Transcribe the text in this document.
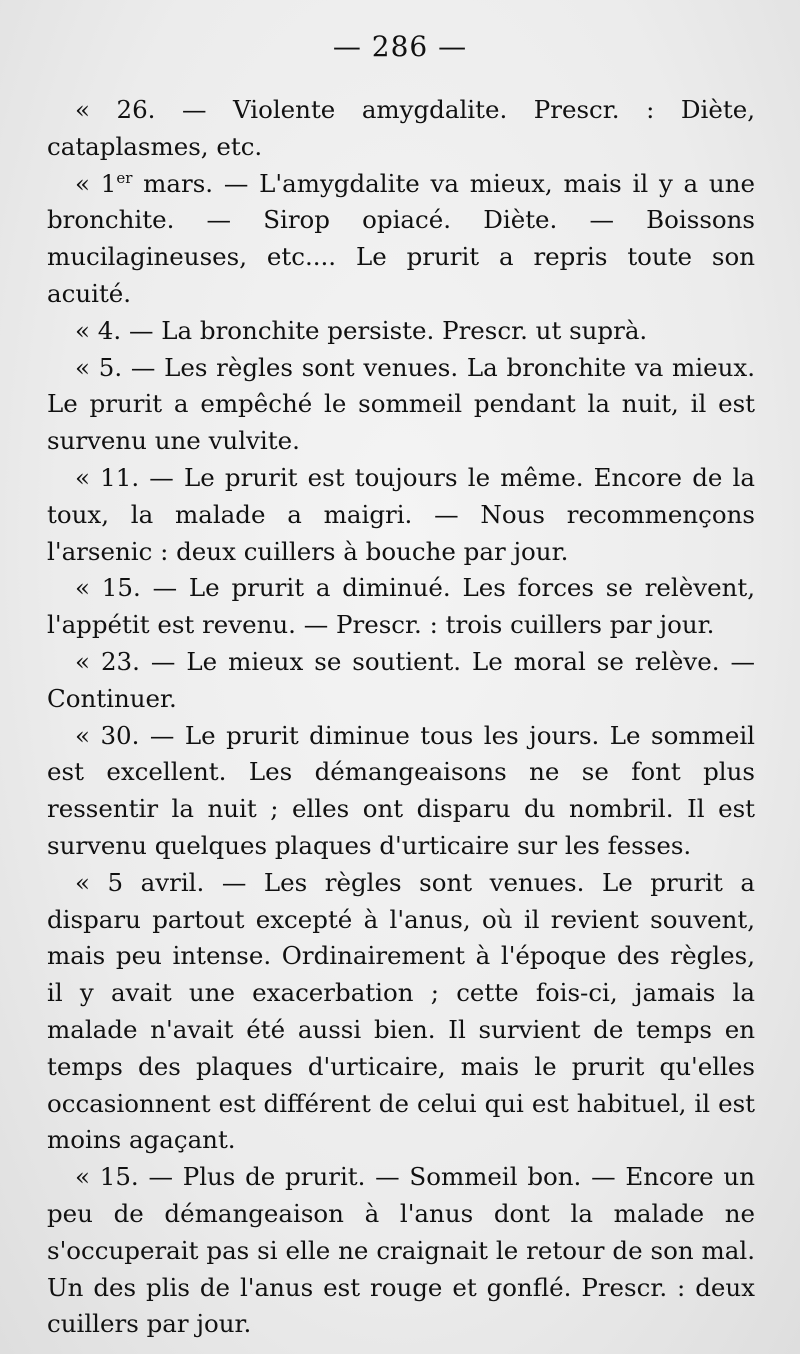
— 286 —

« 26. — Violente amygdalite. Prescr. : Diète, cataplasmes, etc.

« 1er mars. — L'amygdalite va mieux, mais il y a une bronchite. — Sirop opiacé. Diète. — Boissons mucilagineuses, etc.... Le prurit a repris toute son acuité.

« 4. — La bronchite persiste. Prescr. ut suprà.

« 5. — Les règles sont venues. La bronchite va mieux. Le prurit a empêché le sommeil pendant la nuit, il est survenu une vulvite.

« 11. — Le prurit est toujours le même. Encore de la toux, la malade a maigri. — Nous recommençons l'arsenic : deux cuillers à bouche par jour.

« 15. — Le prurit a diminué. Les forces se relèvent, l'appétit est revenu. — Prescr. : trois cuillers par jour.

« 23. — Le mieux se soutient. Le moral se relève. — Continuer.

« 30. — Le prurit diminue tous les jours. Le sommeil est excellent. Les démangeaisons ne se font plus ressentir la nuit ; elles ont disparu du nombril. Il est survenu quelques plaques d'urticaire sur les fesses.

« 5 avril. — Les règles sont venues. Le prurit a disparu partout excepté à l'anus, où il revient souvent, mais peu intense. Ordinairement à l'époque des règles, il y avait une exacerbation ; cette fois-ci, jamais la malade n'avait été aussi bien. Il survient de temps en temps des plaques d'urticaire, mais le prurit qu'elles occasionnent est différent de celui qui est habituel, il est moins agaçant.

« 15. — Plus de prurit. — Sommeil bon. — Encore un peu de démangeaison à l'anus dont la malade ne s'occuperait pas si elle ne craignait le retour de son mal. Un des plis de l'anus est rouge et gonflé. Prescr. : deux cuillers par jour.
